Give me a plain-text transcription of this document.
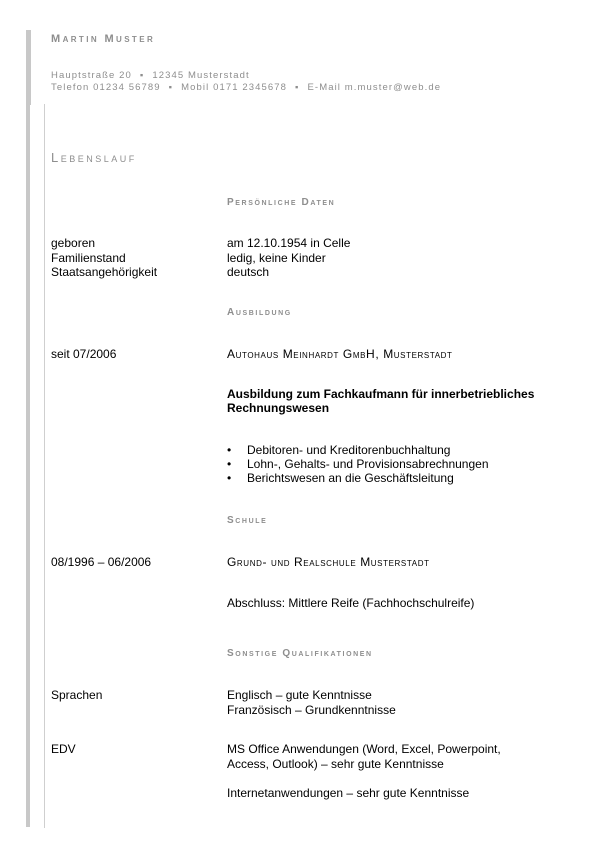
Martin Muster
Hauptstraße 20 ▪ 12345 Musterstadt
Telefon 01234 56789 ▪ Mobil 0171 2345678 ▪ E-Mail m.muster@web.de
Lebenslauf
Persönliche Daten
geboren	am 12.10.1954 in Celle
Familienstand	ledig, keine Kinder
Staatsangehörigkeit	deutsch
Ausbildung
seit 07/2006	Autohaus Meinhardt GmbH, Musterstadt
Ausbildung zum Fachkaufmann für innerbetriebliches Rechnungswesen
• Debitoren- und Kreditorenbuchhaltung
• Lohn-, Gehalts- und Provisionsabrechnungen
• Berichtswesen an die Geschäftsleitung
Schule
08/1996 – 06/2006	Grund- und Realschule Musterstadt
Abschluss: Mittlere Reife (Fachhochschulreife)
Sonstige Qualifikationen
Sprachen	Englisch – gute Kenntnisse
Französisch – Grundkenntnisse
EDV	MS Office Anwendungen (Word, Excel, Powerpoint,
Access, Outlook) – sehr gute Kenntnisse
Internetanwendungen – sehr gute Kenntnisse
